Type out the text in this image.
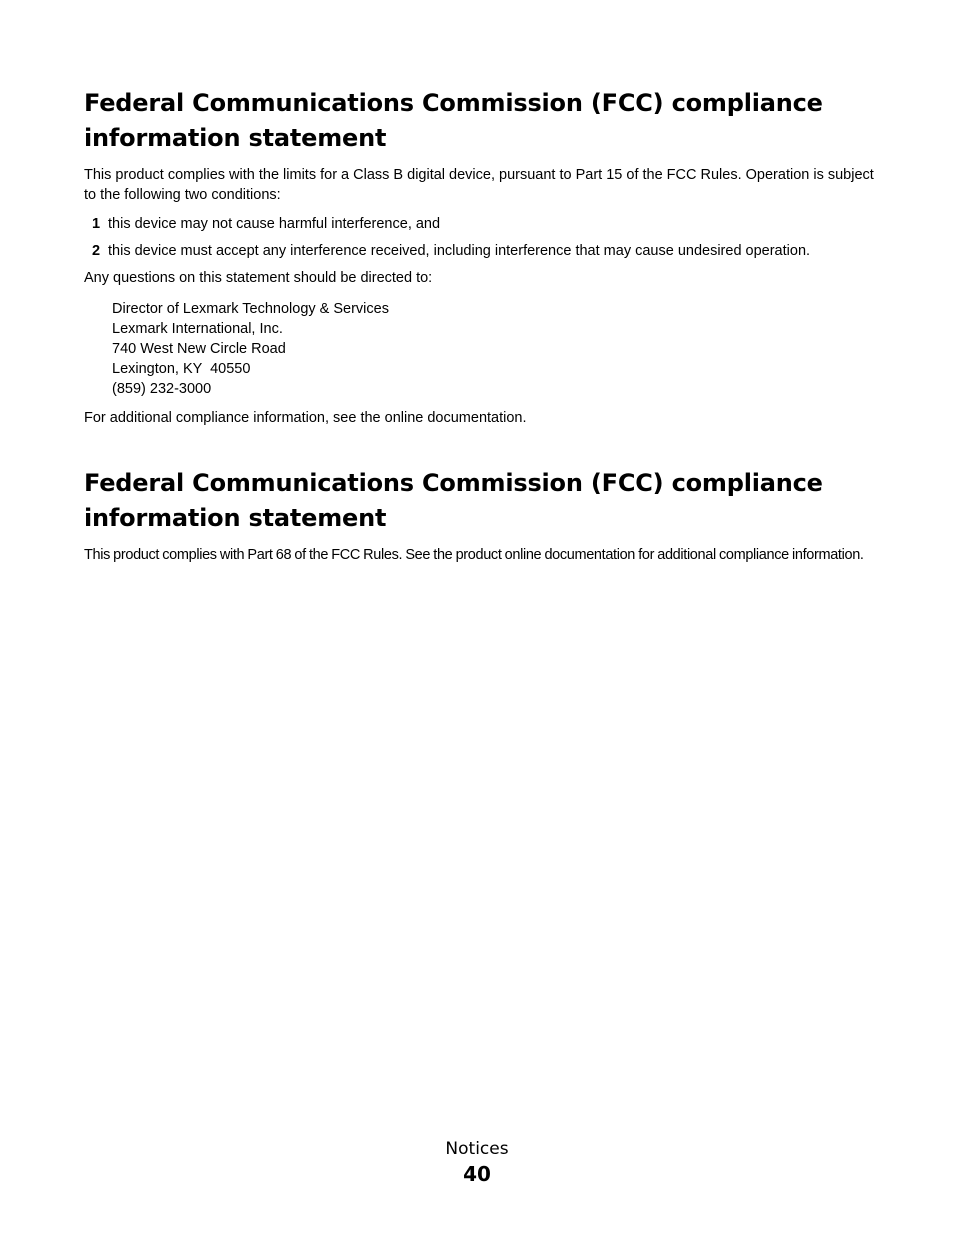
Federal Communications Commission (FCC) compliance information statement

This product complies with the limits for a Class B digital device, pursuant to Part 15 of the FCC Rules. Operation is subject to the following two conditions:

1 this device may not cause harmful interference, and
2 this device must accept any interference received, including interference that may cause undesired operation.

Any questions on this statement should be directed to:

Director of Lexmark Technology & Services
Lexmark International, Inc.
740 West New Circle Road
Lexington, KY  40550
(859) 232-3000

For additional compliance information, see the online documentation.

Federal Communications Commission (FCC) compliance information statement

This product complies with Part 68 of the FCC Rules. See the product online documentation for additional compliance information.

Notices
40
